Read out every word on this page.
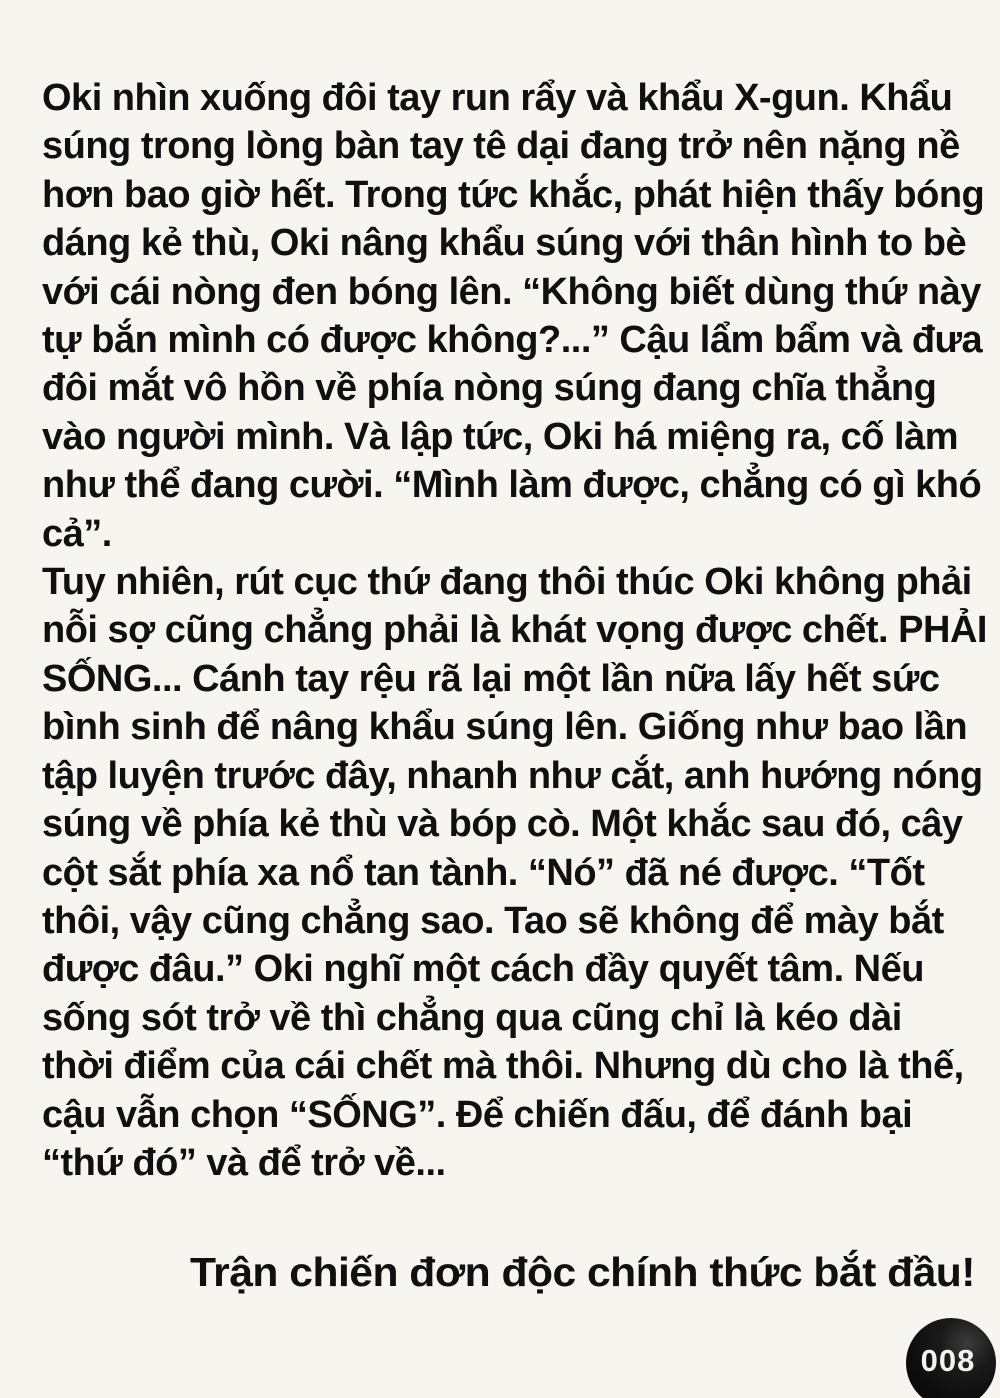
Oki nhìn xuống đôi tay run rẩy và khẩu X-gun. Khẩu
súng trong lòng bàn tay tê dại đang trở nên nặng nề
hơn bao giờ hết. Trong tức khắc, phát hiện thấy bóng
dáng kẻ thù, Oki nâng khẩu súng với thân hình to bè
với cái nòng đen bóng lên. “Không biết dùng thứ này
tự bắn mình có được không?...” Cậu lẩm bẩm và đưa
đôi mắt vô hồn về phía nòng súng đang chĩa thẳng
vào người mình. Và lập tức, Oki há miệng ra, cố làm
như thể đang cười. “Mình làm được, chẳng có gì khó
cả”.
Tuy nhiên, rút cục thứ đang thôi thúc Oki không phải
nỗi sợ cũng chẳng phải là khát vọng được chết. PHẢI
SỐNG... Cánh tay rệu rã lại một lần nữa lấy hết sức
bình sinh để nâng khẩu súng lên. Giống như bao lần
tập luyện trước đây, nhanh như cắt, anh hướng nóng
súng về phía kẻ thù và bóp cò. Một khắc sau đó, cây
cột sắt phía xa nổ tan tành. “Nó” đã né được. “Tốt
thôi, vậy cũng chẳng sao. Tao sẽ không để mày bắt
được đâu.” Oki nghĩ một cách đầy quyết tâm. Nếu
sống sót trở về thì chẳng qua cũng chỉ là kéo dài
thời điểm của cái chết mà thôi. Nhưng dù cho là thế,
cậu vẫn chọn “SỐNG”. Để chiến đấu, để đánh bại
“thứ đó” và để trở về...
Trận chiến đơn độc chính thức bắt đầu!
008
